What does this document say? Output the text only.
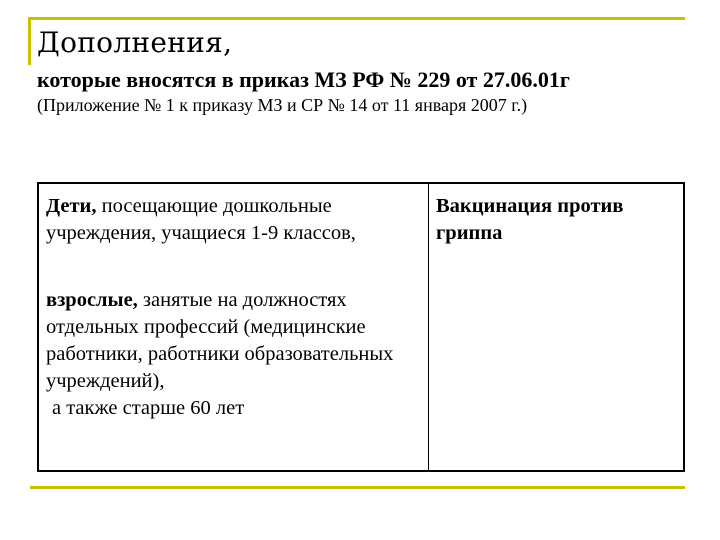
Дополнения,
которые вносятся в приказ МЗ РФ № 229 от 27.06.01г
(Приложение № 1 к приказу МЗ и СР № 14 от 11 января 2007 г.)

Дети, посещающие дошкольные учреждения, учащиеся 1-9 классов,

взрослые, занятые на должностях отдельных профессий (медицинские работники, работники образовательных учреждений),

а также старше 60 лет

Вакцинация против гриппа
